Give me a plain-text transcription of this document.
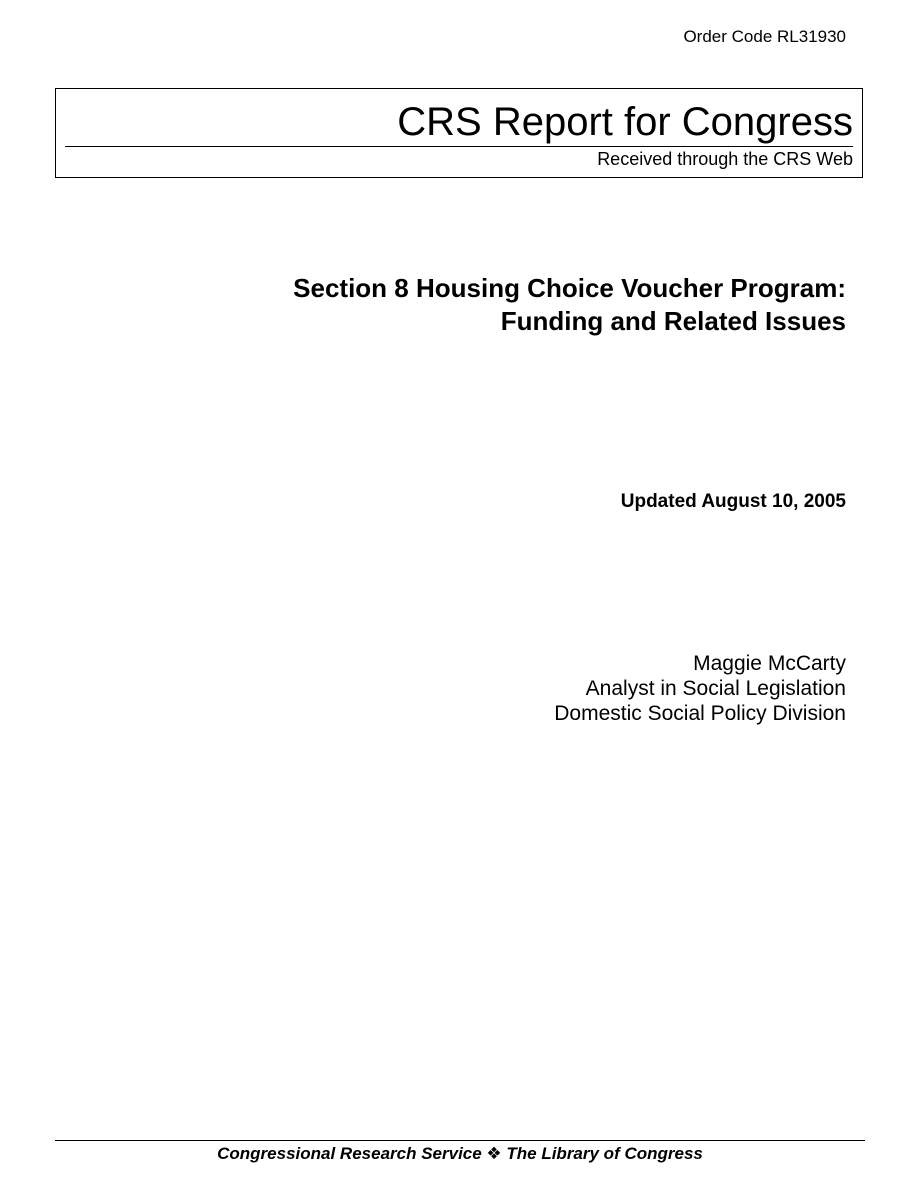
Order Code RL31930
CRS Report for Congress
Received through the CRS Web
Section 8 Housing Choice Voucher Program:
Funding and Related Issues
Updated August 10, 2005
Maggie McCarty
Analyst in Social Legislation
Domestic Social Policy Division
Congressional Research Service ❖ The Library of Congress
